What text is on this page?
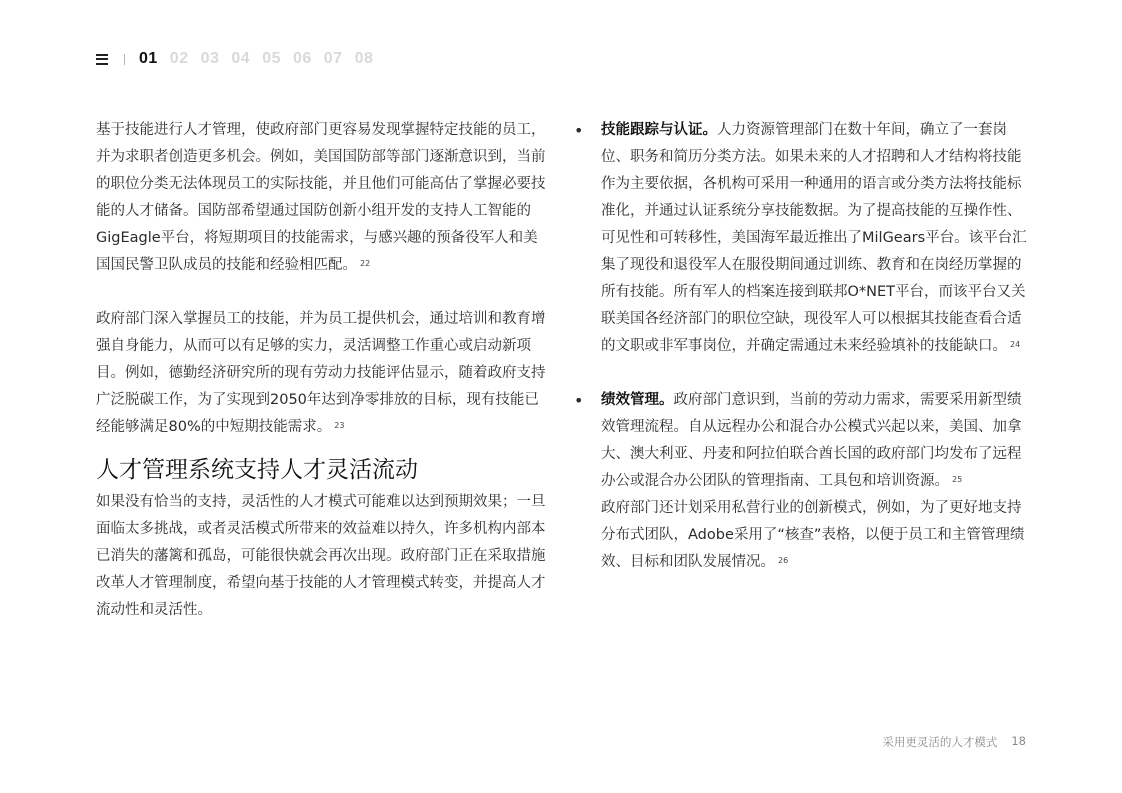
01 02 03 04 05 06 07 08

基于技能进行人才管理，使政府部门更容易发现掌握特定技能的员工，并为求职者创造更多机会。例如，美国国防部等部门逐渐意识到，当前的职位分类无法体现员工的实际技能，并且他们可能高估了掌握必要技能的人才储备。国防部希望通过国防创新小组开发的支持人工智能的GigEagle平台，将短期项目的技能需求，与感兴趣的预备役军人和美国国民警卫队成员的技能和经验相匹配。 $^{22}$

政府部门深入掌握员工的技能，并为员工提供机会，通过培训和教育增强自身能力，从而可以有足够的实力，灵活调整工作重心或启动新项目。例如，德勤经济研究所的现有劳动力技能评估显示，随着政府支持广泛脱碳工作，为了实现到2050年达到净零排放的目标，现有技能已经能够满足80%的中短期技能需求。 $^{23}$

人才管理系统支持人才灵活流动

如果没有恰当的支持，灵活性的人才模式可能难以达到预期效果；一旦面临太多挑战，或者灵活模式所带来的效益难以持久，许多机构内部本已消失的藩篱和孤岛，可能很快就会再次出现。政府部门正在采取措施改革人才管理制度，希望向基于技能的人才管理模式转变，并提高人才流动性和灵活性。

•	技能跟踪与认证。人力资源管理部门在数十年间，确立了一套岗位、职务和简历分类方法。如果未来的人才招聘和人才结构将技能作为主要依据，各机构可采用一种通用的语言或分类方法将技能标准化，并通过认证系统分享技能数据。为了提高技能的互操作性、可见性和可转移性，美国海军最近推出了MilGears平台。该平台汇集了现役和退役军人在服役期间通过训练、教育和在岗经历掌握的所有技能。所有军人的档案连接到联邦O*NET平台，而该平台又关联美国各经济部门的职位空缺，现役军人可以根据其技能查看合适的文职或非军事岗位，并确定需通过未来经验填补的技能缺口。 $^{24}$

•	绩效管理。政府部门意识到，当前的劳动力需求，需要采用新型绩效管理流程。自从远程办公和混合办公模式兴起以来，美国、加拿大、澳大利亚、丹麦和阿拉伯联合酋长国的政府部门均发布了远程办公或混合办公团队的管理指南、工具包和培训资源。 $^{25}$
政府部门还计划采用私营行业的创新模式，例如，为了更好地支持分布式团队，Adobe采用了“核查”表格，以便于员工和主管管理绩效、目标和团队发展情况。 $^{26}$

采用更灵活的人才模式 18
